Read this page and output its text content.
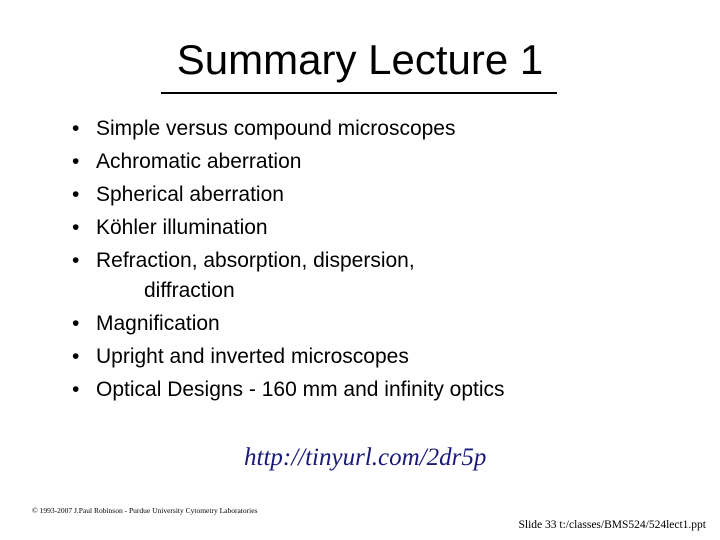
Summary Lecture 1
• Simple versus compound microscopes
• Achromatic aberration
• Spherical aberration
• Köhler illumination
• Refraction, absorption, dispersion,
diffraction
• Magnification
• Upright and inverted microscopes
• Optical Designs - 160 mm and infinity optics
http://tinyurl.com/2dr5p
© 1993-2007 J.Paul Robinson - Purdue University Cytometry Laboratories
Slide 33 t:/classes/BMS524/524lect1.ppt
